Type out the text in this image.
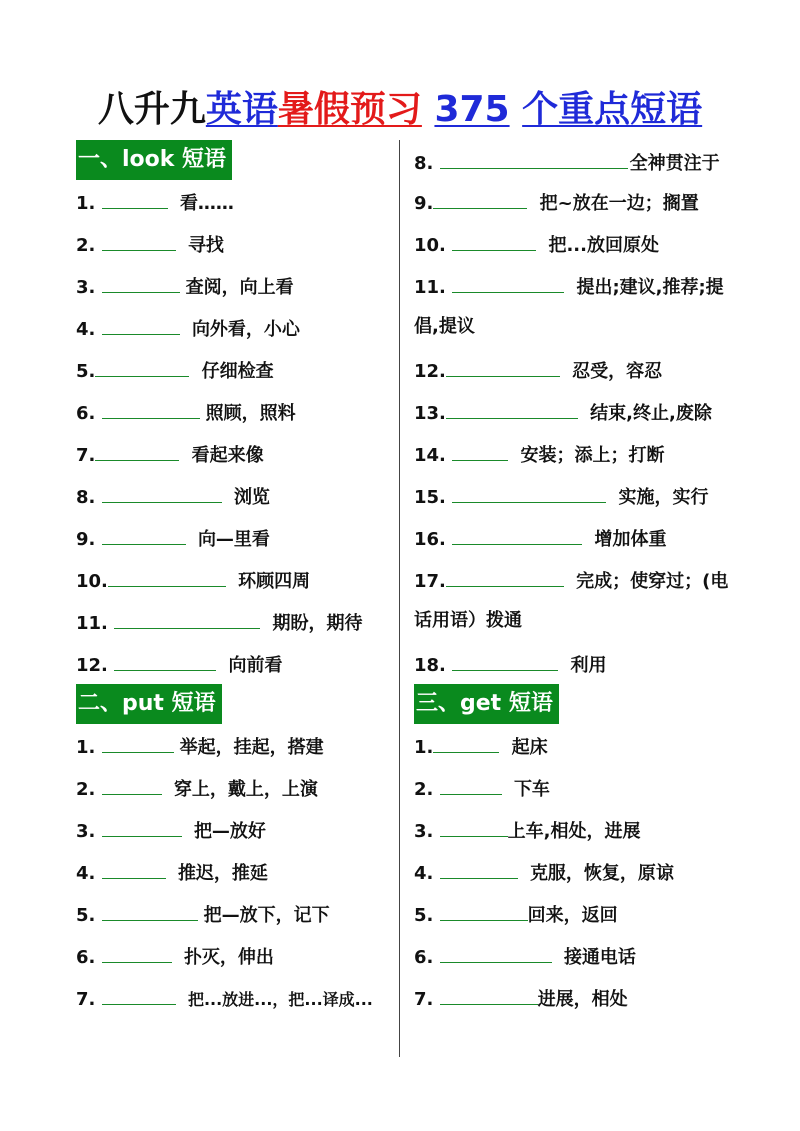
八升九英语暑假预习 375 个重点短语
一、look 短语
1.	看……
2.	寻找
3.	查阅，向上看
4.	向外看，小心
5.	仔细检查
6.	照顾，照料
7.	看起来像
8.	浏览
9.	向—里看
10.	环顾四周
11.	期盼，期待
12.	向前看
二、put 短语
1.	举起，挂起，搭建
2.	穿上，戴上，上演
3.	把—放好
4.	推迟，推延
5.	把—放下，记下
6.	扑灭，伸出
7.	把...放进...，把...译成...
8.	全神贯注于
9.	把~放在一边；搁置
10.	把...放回原处
11.	提出;建议,推荐;提
倡,提议
12.	忍受，容忍
13.	结束,终止,废除
14.	安装；添上；打断
15.	实施，实行
16.	增加体重
17.	完成；使穿过；(电
话用语）拨通
18.	利用
三、get 短语
1.	起床
2.	下车
3.	上车,相处，进展
4.	克服，恢复，原谅
5.	回来，返回
6.	接通电话
7.	进展，相处
